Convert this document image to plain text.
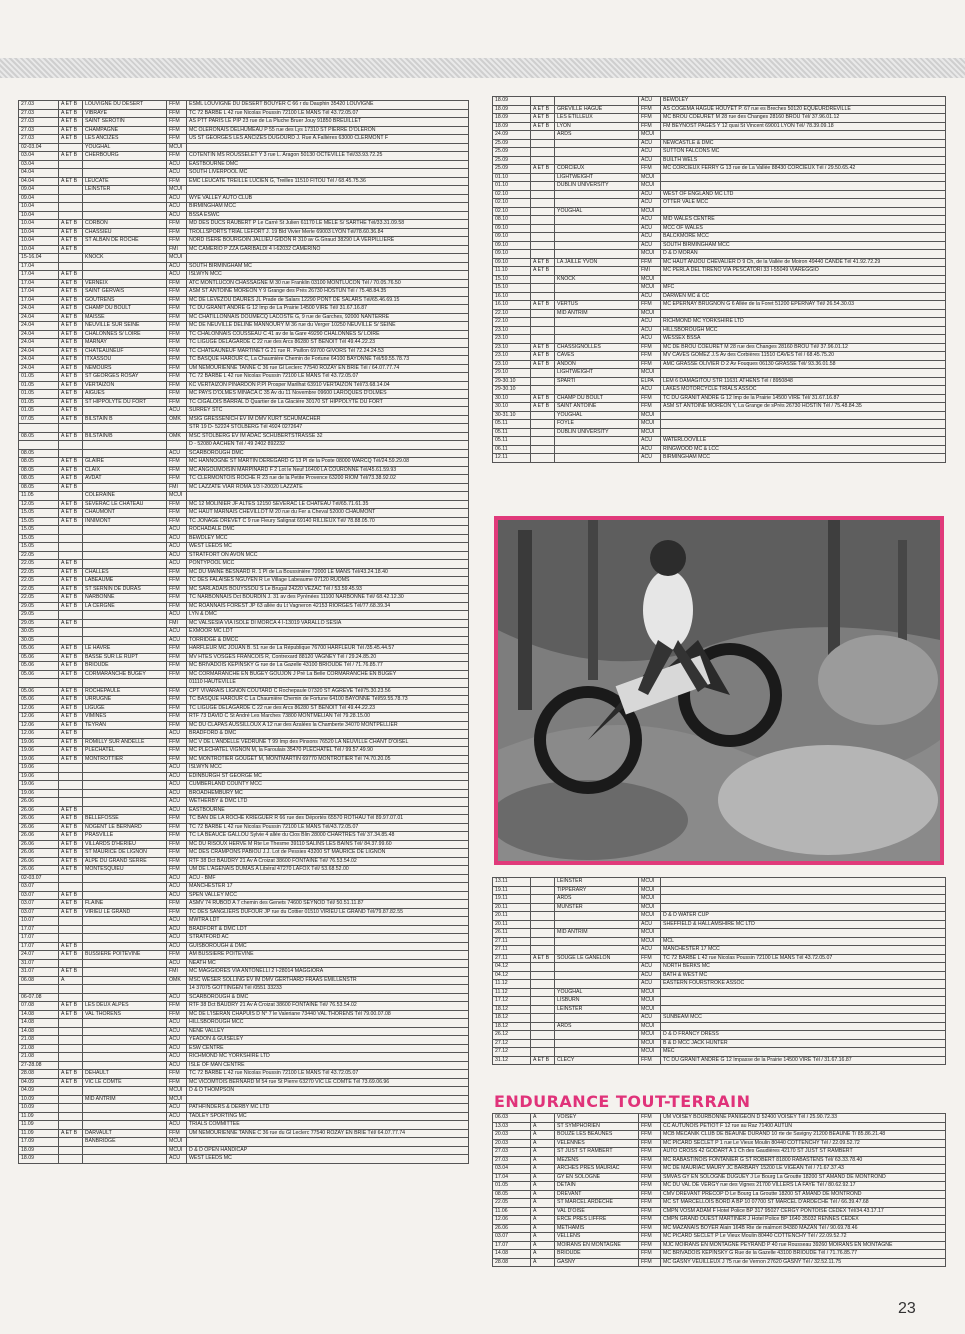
27.03	A ET B	LOUVIGNE DU DESERT	FFM	ESML LOUVIGNE DU DESERT BOUYER C 66 r du Dauphin 35420 LOUVIGNE
27.03	A ET B	VIBRAYE	FFM	TC 72 BARBE L 42 rue Nicolas Poussin 72100 LE MANS Tél 43.72.05.07
27.03	A ET B	SAINT SEROTIN	FFM	AS PTT PARIS LE PIP 23 rue de La Pluche Bruer Jouy 91850 BREUILLET
27.03	A ET B	CHAMPAGNE	FFM	MC OLERONAIS DELHUMEAU P 55 rue des Lys 17310 ST PIERRE D'OLERON
27.03	A ET B	LES ANCIZES	FFM	US ST GEORGES LES ANCIZES DUGOURD J. Rue A.Fallières 63000 CLERMONT F
02-03.04		YOUGHAL	MCUI	
03.04	A ET B	CHERBOURG	FFM	COTENTIN MS ROUSSELET Y 3 rue L. Aragon 50130 OCTEVILLE Tél/33.93.72.25
03.04			ACU	EASTBOURNE DMC
04.04			ACU	SOUTH LIVERPOOL MC
04.04	A ET B	LEUCATE	FFM	EMC LEUCATE TREILLE LUCIEN G, Treilles 11510 FITOU Tél / 68.45.75.36
09.04		LEINSTER	MCUI	
09.04			ACU	WYE VALLEY AUTO CLUB
10.04			ACU	BIRMINGHAM MCC
10.04			ACU	BSSA ESWC
10.04	A ET B	CORBON	FFM	MD DES DUCS RAUBERT P Le Carré St Julien 61170 LE MELE S/ SARTHE Tél/33.31.09.58
10.04	A ET B	CHASSIEU	FFM	TROLLSPORTS TRIAL LEFORT J. 19 Bld Vivier Merle 69003 LYON Tél/78.60.36.84
10.04	A ET B	ST ALBAN DE ROCHE	FFM	NORD ISERE BOURGOIN JALLIEU GIDON R 310 av G.Giraud 38290 LA VERPILLIERE
10.04	A ET B		FMI	MC CAMERIO P ZZA GARIBALDI 4 I-62032 CAMERINO
15-16.04		KNOCK	MCUI	
17.04			ACU	SOUTH BIRMINGHAM MC
17.04	A ET B		ACU	ISLWYN MCC
17.04	A ET B	VERNEIX	FFM	ATC MONTLUCON CHASSAGNE M 30 rue Franklin 03100 MONTLUCON Tél / 70.05.76.50
17.04	A ET B	SAINT GERVAIS	FFM	ASM ST ANTOINE MOREON Y 9 Grange des Prés 26730 HOSTUN Tél / 75.48.84.35
17.04	A ET B	GOUTRENS	FFM	MC DE LEVEZOU DAURES JL Prade de Salars 12290 PONT DE SALARS Tél/65.46.69.15
24.04	A ET B	CHAMP DU BOULT	FFM	TC DU GRANIT ANDRE G 12 Imp de La Prairie 14500 VIRE Tél/ 31.67.16.87
24.04	A ET B	MAISSE	FFM	MC CHATILLONNAIS DOUMECQ LACOSTE G, 9 rue de Garches, 92000 NANTERRE
24.04	A ET B	NEUVILLE SUR SEINE	FFM	MC DE NEUVILLE DELINE MANNOURY M 36 rue du Verger 10250 NEUVILLE S/ SEINE
24.04	A ET B	CHALONNES S/ LOIRE	FFM	TC CHALONNAIS COUSSEAU C 41 av de la Gare 49290 CHALONNES S/ LOIRE
24.04	A ET B	MARNAY	FFM	TC LIGUGE DELAGARDE C 22 rue des Arcs 86280 ST BENOIT Tél 49.44.22.23
24.04	A ET B	CHATEAUNEUF	FFM	TC CHATEAUNEUF MARTINET G 21 rue R. Paillon 69700 GIVORS Tél 72.24.24.53
24.04	A ET B	ITXASSOU	FFM	TC BASQUE HAROUR C, La Chaumière Chemin de Fortune 64100 BAYONNE Tél/59.55.78.73
24.04	A ET B	NEMOURS	FFM	UM NEMOURIENNE TANNE C 36 rue Gl Leclerc 77540 ROZAY EN BRIE Tél / 64.07.77.74
01.05	A ET B	ST GEORGES ROSAY	FFM	TC 72 BARBE L 42 rue Nicolas Poussin 72100 LE MANS Tél 43.72.05.07
01.05	A ET B	VERTAIZON	FFM	KC VERTAIZON PINARDON P.PI Prosper Marilhat 63910 VERTAIZON Tél/73.68.14.04
01.05	A ET B	AIGUES	FFM	MC PAYS D'OLMES MINACA C 35 Av du 11 Novembre 09600 LAROQUES D'OLMES
01.05	A ET B	ST HIPPOLYTE DU FORT	FFM	TC CIGALOIS BARRAL D Quartier de La Glacière 30170 ST HIPPOLYTE DU FORT
01.05	A ET B		ACU	SURREY STC
07.05	A ET B	BILSTAIN B	OMK	MSIG GRESSENICH EV IM DMV KURT SCHUMACHER
				STR 19 D- 52224 STOLBERG Tél 4924 0272647
08.05	A ET B	BILSTAIN/B	OMK	MSC STOLBERG EV IM ADAC SCHUBERTSTRASSE 32
				D - 52080 AACHEN Tél / 49 2402 892232
08.05			ACU	SCARBOROUGH DMC
08.05	A ET B	GLAIRE	FFM	MC HANNOGNE ST MARTIN DEREGARD G 13 Pl de la Poste 08000 WARCQ Tél/24.59.29.08
08.05	A ET B	CLAIX	FFM	MC ANGOUMOISIN MARPINARD F 2 Lot le Neuf 16400 LA COURONNE Tél/45.61.59.93
08.05	A ET B	AVDAT	FFM	TC CLERMONTOIS ROCHE R 23 rue de la Petite Provence 63200 RIOM Tél/73.38.92.02
08.05	A ET B		FMI	MC LAZZATE VIAR ROMA 1/3 I-20020 LAZZATE
11.05		COLERAINE	MCUI	
12.05	A ET B	SEVERAC LE CHATEAU	FFM	MC 12 MOLINIER JF ALTES 12150 SEVERAC LE CHATEAU Tél/65.71.61.35
15.05	A ET B	CHAUMONT	FFM	MC HAUT MARNAIS CHEVILLOT M 20 rue du Fer a Cheval 52000 CHAUMONT
15.05	A ET B	INNIMONT	FFM	TC JONAGE DREVET C 9 rue Fleury Salignat 69140 RILLIEUX Tél/ 78.88.05.70
15.05			ACU	ROCHADALE DMC
15.05			ACU	BEWDLEY MCC
15.05			ACU	WEST LEEDS MC
22.05			ACU	STRATFORT ON AVON MCC
22.05	A ET B		ACU	PONTYPOOL MCC
22.05	A ET B	CHALLES	FFM	MC DU MAINE BESNARD R. 1 Pl de La Boussinière 72000 LE MANS Tél/43.24.18.40
22.05	A ET B	LABEAUME	FFM	TC DES FALAISES NGUYEN R Le Village Labeaume 07120 RUOMS
22.05	A ET B	ST SERNIN DE DURAS	FFM	MC SARLADAIS BOUYSSOU S Le Brugal 24220 VEZAC Tél / 53.59.45.93
22.05	A ET B	NARBONNE	FFM	TC NARBONNAIS Dct BOURDIN J. 31 av des Pyrénées 11100 NARBONNE Tél/ 68.42.12.30
29.05	A ET B	LA CERGNE	FFM	MC ROANNAIS FOREST JP 63 allée du Lt Vagneron 42153 RIORGES Tél/77.68.39.34
29.05			ACU	LYN & DMC
29.05	A ET B		FMI	MC VALSESIA VIA ISOLE DI MORCA 4 I-13019 VARALLO SESIA
30.05			ACU	EXMOOR MC LDT
30.05			ACU	TORRIDGE & DMCC
05.06	A ET B	LE HAVRE	FFM	HARFLEUR MC JOUAN B. 51 rue de La République 76700 HARFLEUR Tél /35.45.44.57
05.06	A ET B	BASSE SUR LE RUPT	FFM	MV HTES VOSGES FRANCOIS R, Contrexard 88120 VAGNEY Tél / 29.24.85.20
05.06	A ET B	BRIOUDE	FFM	MC BRIVADOIS KEPINSKY G rue de La Gazelle 43100 BRIOUDE Tél / 71.76.85.77
05.06	A ET B	CORMARANCHE BUGEY	FFM	MC CORMARANCHE EN BUGEY GOUJON J Pré La Belle CORMARANCHE EN BUGEY
				01110 HAUTEVILLE
05.06	A ET B	ROCHEPAULE	FFM	CPT VIVARAIS LIGNON COUTARD C Rochepaule 07320 ST AGREVE Tél/75.30.23.56
05.06	A ET B	URRUGNE	FFM	TC BASQUE HAROUR C La Chaumière Chemin de Fortune 64100 BAYONNE Tél/59.55.78.73
12.06	A ET B	LIGUGE	FFM	TC LIGUGE DELAGARDE C 22 rue des Arcs 86280 ST BENOIT Tél 49.44.22.23
12.06	A ET B	VIMINES	FFM	RTF 73 DAVID C St André Les Marches 73800 MONTMELIAN Tél 79.28.15.00
12.06	A ET B	TEYRAN	FFM	MC DU CLAPAS AUSSILLOUX A 12 rue des Azalées la Chamberte 34070 MONTPELLIER
12.06	A ET B		ACU	BRADFORD & DMC
19.06	A ET B	ROMILLY SUR ANDELLE	FFM	MC V DE L'ANDELLE VEDRUNE T 99 Imp des Pinsons 76520 LA NEUVILLE CHANT D'OISEL
19.06	A ET B	PLECHATEL	FFM	MC PLECHATEL VIGNON M, la Faroulais 35470 PLECHATEL Tél / 99.57.49.90
19.06	A ET B	MONTROTTIER	FFM	MC MONTROTIER GOUGET M, MONTMARTIN 69770 MONTROTIER Tél 74.70.20.05
19.06			ACU	ISLWYN MCC
19.06			ACU	EDINBURGH ST GEORGE MC
19.06			ACU	CUMBERLAND COUNTY MCC
19.06			ACU	BROADHEMBURY MC
26.06			ACU	WETHERBY & DMC LTD
26.06	A ET B		ACU	EASTBOURNE
26.06	A ET B	BELLEFOSSE	FFM	TC BAN DE LA ROCHE KRIEGUER R 66 rue des Déportés 65570 ROTHAU Tél 89.97.07.01
26.06	A ET B	NOGENT LE BERNARD	FFM	TC 72 BARBE L 42 rue Nicolas Poussin 72100 LE MANS Tél/43.72.05.07
26.06	A ET B	PRASVILLE	FFM	TC LA BEAUCE GALLOU Sylvie 4 allée du Clos Blin 28000 CHARTRES Tél/ 37.34.85.48
26.06	A ET B	VILLARDS D'HERIEU	FFM	MC DU RISOUX HERVE M Rte Le Thesme 39110 SALINS LES BAINS Tél/ 84.37.99.60
26.06	A ET B	ST MAURICE DE LIGNON	FFM	MC DES CRAMPONS PABIOU J.J. Lot de Pessies 43200 ST MAURICE DE LIGNON
26.06	A ET B	ALPE DU GRAND SERRE	FFM	RTF 38 Dct BAUDRY 21 Av A Croizat 38600 FONTAINE Tél/ 76.53.54.02
26.06	A ET B	MONTESQUIEU	FFM	UM DE L'AGENAIS DUMAS A Libéral 47270 LAFOX Tél/ 53.68.52.00
02-03.07			ACU	ACU - BMF
03.07			ACU	MANCHESTER 17
03.07	A ET B		ACU	SPEN VALLEY MCC
03.07	A ET B	FLAINE	FFM	ASMV 74 RUBOD A 7 chemin des Genets 74600 SEYNOD Tél/ 50.51.11.87
03.07	A ET B	VIRIEU LE GRAND	FFM	TC DES SANGLIERS DUFOUR JP rue du Cottier 01510 VIRIEU LE GRAND Tél/79.87.82.55
10.07			ACU	MWTRA LDT
17.07			ACU	BRADFORT & DMC LDT
17.07			ACU	STRATFORD AC
17.07	A ET B		ACU	GUISBOROUGH & DMC
24.07	A ET B	BUSSIERE POITEVINE	FFM	AM BUSSIERE POITEVINE
31.07			ACU	NEATH MC
31.07	A ET B		FMI	MC MAGGIORES VIA ANTONELLI 2 I-28014 MAGGIORA
06.08	A		OMK	MSC WESER SOLLING EV IM DMV GERTHARD FRAAS EMILLENSTR
				14 37075 GOTTINGEN Tél /0551 33233
06-07.08			ACU	SCARBOROUGH & DMC
07.08	A ET B	LES DEUX ALPES	FFM	RTF 38 Dct BAUDRY 21 Av A Croizat 38600 FONTAINE Tél/ 76.53.54.02
14.08	A ET B	VAL THORENS	FFM	MC DE L'ISERAN CHAPUIS D N° 7 le Valeriane 73440 VAL THORENS Tél 79.00.07.08
14.08			ACU	HILLSBOROUGH MCC
14.08			ACU	NENE VALLEY
21.08			ACU	YEADON & GUISELEY
21.08			ACU	ESW CENTRE
21.08			ACU	RICHMOND MC YORKSHIRE LTD
27-28.08			ACU	ISLE OF MAN CENTRE
28.08	A ET B	DEHAULT	FFM	TC 72 BARBE L 42 rue Nicolas Poussin 72100 LE MANS Tél 43.72.05.07
04.09	A ET B	VIC LE COMTE	FFM	MC VICOMTOIS BERNARD M 54 rue St Pierre 63270 VIC LE COMTE Tél 73.69.06.96
04.09			MCUI	D & D THOMPSON
10.09		MID ANTRIM	MCUI	
10.09			ACU	PATHFINDERS & DERBY MC LTD
11.09			ACU	TADLEY SPORTING MC
11.09			ACU	TRIALS COMMITTEE
11.09	A ET B	DARVAULT	FFM	UM NEMOURIENNE TANNE C 36 rue du Gl Leclerc 77540 ROZAY EN BRIE Tél/ 64.07.77.74
17.09		BANBRIDGE	MCUI	
18.09			MCUI	D & D OPEN HANDICAP
18.09			ACU	WEST LEEDS MC
18.09			ACU	BEWDLEY
18.09	A ET B	GREVILLE HAGUE	FFM	AS COGEMA HAGUE HOUYET P. 67 rue es Breches 50120 EQUEURDREVILLE
18.09	A ET B	LES ETILLEUX	FFM	MC BROU COEURET M 28 rue des Changes 28160 BROU Tél/ 37.96.01.12
18.09	A ET B	LYON	FFM	FM BEYNOST PAGES Y 12 quai St Vincent 69001 LYON Tél/ 78.39.09.18
24.09		ARDS	MCUI	
25.09			ACU	NEWCASTLE & DMC
25.09			ACU	SUTTON FALCONS MC
25.09			ACU	BUILTH WELS
25.09	A ET B	CORCIEUX	FFM	MC CORCIEUX FERRY G 13 rue de La Vallée 88430 CORCIEUX Tél / 29.50.65.42
01.10		LIGHTWEIGHT	MCUI	
01.10		DUBLIN UNIVERSITY	MCUI	
02.10			ACU	WEST OF ENGLAND MC LTD
02.10			ACU	OTTER VALE MCC
02.10		YOUGHAL	MCUI	
08.10			ACU	MID WALES CENTRE
09.10			ACU	MCC OF WALES
09.10			ACU	BALCKMORE MCC
09.10			ACU	SOUTH BIRMINGHAM MCC
09.10			MCUI	D & D MORAN
09.10	A ET B	LA JAILLE YVON	FFM	MC HAUT ANJOU CHEVALIER D 9 Ch, de la Vallée de Moiron 49440 CANDE Tél 41.92.72.29
11.10	A ET B		FMI	MC PERLA DEL TIRENO VIA PESCATORI 33 I-55049 VIAREGGIO
15.10		KNOCK	MCUI	
15.10			MCUI	MFC
16.10			ACU	DARWEN MC & CC
16.10	A ET B	VERTUS	FFM	MC EPERNAY BRUGNON G 6 Allée de la Foret 51200 EPERNAY Tél/ 26.54.30.03
22.10		MID ANTRIM	MCUI	
22.10			ACU	RICHMOND MC YORKSHIRE LTD
23.10			ACU	HILLSBOROUGH MCC
23.10			ACU	WESSEX BSSA
23.10	A ET B	CHASSIGNOLLES	FFM	MC DE BROU COEURET M 28 rue des Changes 28160 BROU Tél/ 37.96.01.12
23.10	A ET B	CAVES	FFM	MV CAVES GOMEZ J.S Av des Corbières 11510 CAVES Tél / 68.45.75.20
23.10	A ET B	ANDON	FFM	AMC GRASSE OLIVIER D 2 Av Fouques 06130 GRASSE Tél/ 93.36.01.58
29.10		LIGHTWEIGHT	MCUI	
29-30.10		SPARTI	ELPA	LEM 6 DAMAGITOU STR 11631 ATHENS Tél / 8950848
29-30.10			ACU	LAKES MOTORCYCLE TRIALS ASSOC
30.10	A ET B	CHAMP DU BOULT	FFM	TC DU GRANIT ANDRE G 12 Imp de la Prairie 14500 VIRE Tél/ 31.67.16.87
30.10	A ET B	SAINT ANTOINE	FFM	ASM ST ANTOINE MOREON Y, La Grange de sPrés 26730 HOSTIN Tél / 75.48.84.35
30-31.10		YOUGHAL	MCUI	
05.11		FOYLE	MCUI	
05.11		DUBLIN UNIVERSITY	MCUI	
05.11			ACU	WATERLOOVILLE
06.11			ACU	RINGWOOD MC & LCC
12.11			ACU	BIRMINGHAM MCC
13.11		LEINSTER	MCUI	
19.11		TIPPERARY	MCUI	
19.11		ARDS	MCUI	
20.11		MUNSTER	MCUI	
20.11			MCUI	D & D WATER CUP
20.11			ACU	SHEFFIELD & HALLAMSHIRE MC LTD
26.11		MID ANTRIM	MCUI	
27.11			MCUI	MCL
27.11			ACU	MANCHESTER 17 MCC
27.11	A ET B	SOUGE LE GANELON	FFM	TC 72 BARBE L 42 rue Nicolas Poussin 72100 LE MANS Tél 43.72.05.07
04.12			ACU	NORTH BERKS MC
04.12			ACU	BATH & WEST MC
11.12			ACU	EASTERN FOURSTROKE ASSOC
11.12		YOUGHAL	MCUI	
17.12		LISBURN	MCUI	
18.12		LEINSTER	MCUI	
18.12			ACU	SUNBEAM MCC
18.12		ARDS	MCUI	
26.12			MCUI	D & D FRANCY DRESS
27.12			MCUI	B & D MCC JACK HUNTER
27.12			MCUI	MEC
31.12	A ET B	CLECY	FFM	TC DU GRANIT ANDRE G 12 Impasse de la Prairie 14500 VIRE Tél / 31.67.16.87
ENDURANCE TOUT-TERRAIN
06.03	A	VOISEY	FFM	UM VOISEY BOURBONNE PANIGEON D 52400 VOISEY Tél / 25.90.72.33
13.03	A	ST SYMPHORIEN	FFM	CC AUTUNOIS PETIOT F 12 rue au Raz 71400 AUTUN
20.03	A	BOUZE LES BEAUNES	FFM	MCB MECANIK CLUB DE BEAUNE DURAND 10 rte de Savigny 21200 BEAUNE T/ 85.86.21.48
20.03	A	VELENNES	FFM	MC PICARD SECLET P 1 rue Le Vieux Moulin 80440 COTTENCHY Tél / 22.09.52.72
27.03	A	ST JUST ST RAMBERT	FFM	AUTO CROSS 42 GODART A 1 Ch des Gaudières 42170 ST JUST ST RAMBERT
27.03	A	MEZENS	FFM	MC RABASTINOIS FONTANIER G ST ROBERT 81800 RABASTENS Tél/ 63.33.78.40
03.04	A	ARCHES PRES MAURIAC	FFM	MC DE MAURIAC MAURY JC BARBARY 15200 LE VIGEAN Tél / 71.67.37.43
17.04	A	GY EN SOLOGNE	FFM	SMVAS GY EN SOLOGNE DUGUEY J Le Bourg La Groutte 18200 ST AMAND DE MONTROND
01.05	A	DETAIN	FFM	MC DU VAL DE VERGY rue des Vignes 21700 VILLERS LA FAYE Tél / 80.62.92.17
08.05	A	DREVANT	FFM	CMV DREVANT PRECOP D Le Bourg La Groutte 18200 ST AMAND DE MONTROND
22.05	A	ST MARCEL ARDECHE	FFM	MC ST MARCELLOIS BORD A BP 10 07700 ST MARCEL D'ARDECHE Tél / 66.39.47.68
11.06	A	VAL D'OISE	FFM	CMPN VOSM ADAM F Hotel Police BP 317 95027 CERGY PONTOISE CEDEX Tél/34.43.17.17
12.06	A	ERCE PRES LIFFRE	FFM	CMPN GRAND OUEST MARTINER J Hotel Police BP 1640 35032 RENNES CEDEX
26.06	A	METHAMIS	FFM	MC MAZANAIS BOYER Alain 164B Rte de malmort 84380 MAZAN Tél / 90.69.78.46
03.07	A	VELLENS	FFM	MC PICARD SECLET P Le Vieux Moulin 80440 COTTENCHY Tél / 22.09.52.72
17.07	A	MOIRANS EN MONTAGNE	FFM	MJC MOIRANS EN MONTAGNE PEYRAND P 40 rue Rousseau 39260 MOIRANS EN MONTAGNE
14.08	A	BRIOUDE	FFM	MC BRIVADOIS KEPINSKY G Rue de la Gazelle 43100 BRIOUDE Tél / 71.76.85.77
28.08	A	GASNY	FFM	MC GASNY VEUILLEUX J 75 rue de Vernon 27620 GASNY Tél / 32.52.11.75
23
